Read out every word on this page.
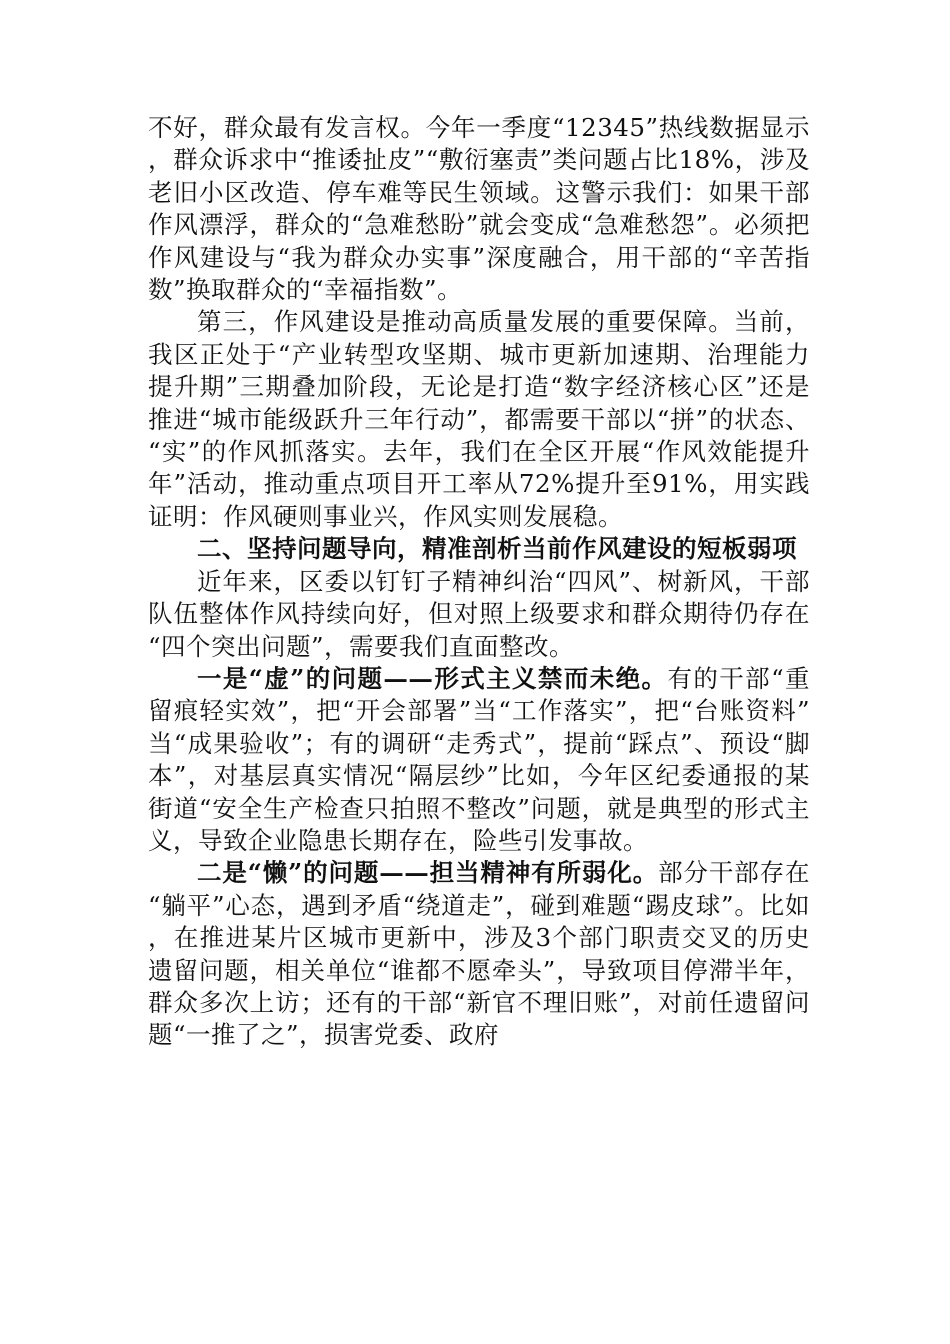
不好，群众最有发言权。今年一季度“12345”热线数据显示，群众诉求中“推诿扯皮”“敷衍塞责”类问题占比18%，涉及老旧小区改造、停车难等民生领域。这警示我们：如果干部作风漂浮，群众的“急难愁盼”就会变成“急难愁怨”。必须把作风建设与“我为群众办实事”深度融合，用干部的“辛苦指数”换取群众的“幸福指数”。

第三，作风建设是推动高质量发展的重要保障。当前，我区正处于“产业转型攻坚期、城市更新加速期、治理能力提升期”三期叠加阶段，无论是打造“数字经济核心区”还是推进“城市能级跃升三年行动”，都需要干部以“拼”的状态、“实”的作风抓落实。去年，我们在全区开展“作风效能提升年”活动，推动重点项目开工率从72%提升至91%，用实践证明：作风硬则事业兴，作风实则发展稳。

二、坚持问题导向，精准剖析当前作风建设的短板弱项

近年来，区委以钉钉子精神纠治“四风”、树新风，干部队伍整体作风持续向好，但对照上级要求和群众期待仍存在“四个突出问题”，需要我们直面整改。

一是“虚”的问题——形式主义禁而未绝。有的干部“重留痕轻实效”，把“开会部署”当“工作落实”，把“台账资料”当“成果验收”；有的调研“走秀式”，提前“踩点”、预设“脚本”，对基层真实情况“隔层纱”比如，今年区纪委通报的某街道“安全生产检查只拍照不整改”问题，就是典型的形式主义，导致企业隐患长期存在，险些引发事故。

二是“懒”的问题——担当精神有所弱化。部分干部存在“躺平”心态，遇到矛盾“绕道走”，碰到难题“踢皮球”。比如，在推进某片区城市更新中，涉及3个部门职责交叉的历史遗留问题，相关单位“谁都不愿牵头”，导致项目停滞半年，群众多次上访；还有的干部“新官不理旧账”，对前任遗留问题“一推了之”，损害党委、政府
